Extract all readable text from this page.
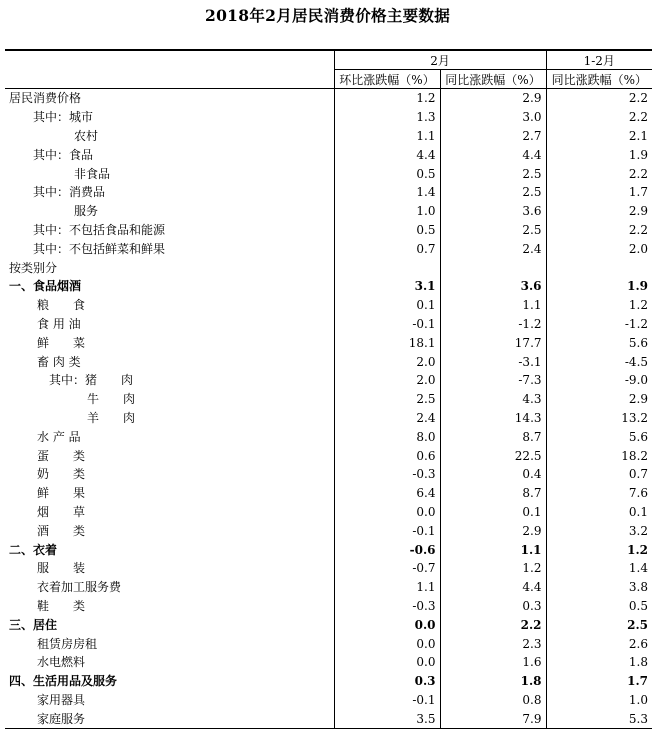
2018年2月居民消费价格主要数据
	2月		1-2月
	环比涨跌幅（%）	同比涨跌幅（%）	同比涨跌幅（%）
居民消费价格	1.2	2.9	2.2
其中：城市	1.3	3.0	2.2
农村	1.1	2.7	2.1
其中：食品	4.4	4.4	1.9
非食品	0.5	2.5	2.2
其中：消费品	1.4	2.5	1.7
服务	1.0	3.6	2.9
其中：不包括食品和能源	0.5	2.5	2.2
其中：不包括鲜菜和鲜果	0.7	2.4	2.0
按类别分			
一、食品烟酒	3.1	3.6	1.9
粮　　食	0.1	1.1	1.2
食 用 油	-0.1	-1.2	-1.2
鲜　　菜	18.1	17.7	5.6
畜 肉 类	2.0	-3.1	-4.5
其中：猪　　肉	2.0	-7.3	-9.0
牛　　肉	2.5	4.3	2.9
羊　　肉	2.4	14.3	13.2
水 产 品	8.0	8.7	5.6
蛋　　类	0.6	22.5	18.2
奶　　类	-0.3	0.4	0.7
鲜　　果	6.4	8.7	7.6
烟　　草	0.0	0.1	0.1
酒　　类	-0.1	2.9	3.2
二、衣着	-0.6	1.1	1.2
服　　装	-0.7	1.2	1.4
衣着加工服务费	1.1	4.4	3.8
鞋　　类	-0.3	0.3	0.5
三、居住	0.0	2.2	2.5
租赁房房租	0.0	2.3	2.6
水电燃料	0.0	1.6	1.8
四、生活用品及服务	0.3	1.8	1.7
家用器具	-0.1	0.8	1.0
家庭服务	3.5	7.9	5.3
